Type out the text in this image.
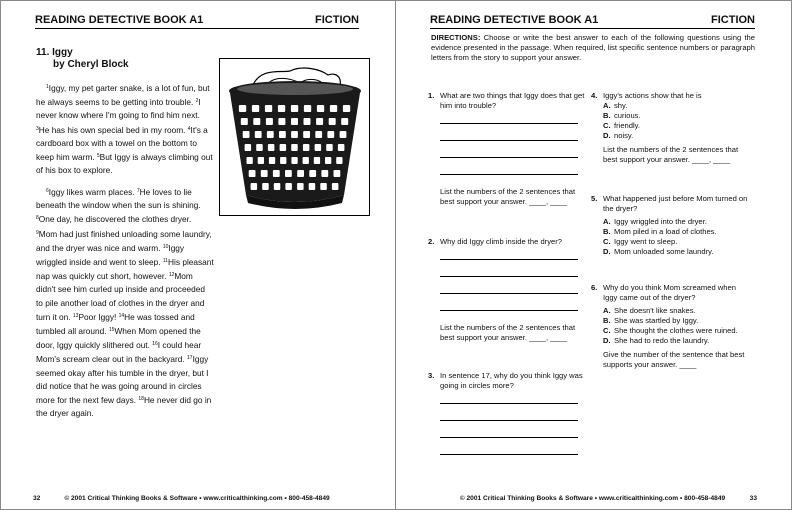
READING DETECTIVE BOOK A1	FICTION
11. Iggy
by Cheryl Block

$^1$Iggy, my pet garter snake, is a lot of fun, but he always seems to be getting into trouble. $^2$I never know where I'm going to find him next. $^3$He has his own special bed in my room. $^4$It's a cardboard box with a towel on the bottom to keep him warm. $^5$But Iggy is always climbing out of his box to explore.

$^6$Iggy likes warm places. $^7$He loves to lie beneath the window when the sun is shining. $^8$One day, he discovered the clothes dryer. $^9$Mom had just finished unloading some laundry, and the dryer was nice and warm. $^{10}$Iggy wriggled inside and went to sleep. $^{11}$His pleasant nap was quickly cut short, however. $^{12}$Mom didn't see him curled up inside and proceeded to pile another load of clothes in the dryer and turn it on. $^{13}$Poor Iggy! $^{14}$He was tossed and tumbled all around. $^{15}$When Mom opened the door, Iggy quickly slithered out. $^{16}$I could hear Mom's scream clear out in the backyard. $^{17}$Iggy seemed okay after his tumble in the dryer, but I did notice that he was going around in circles more for the next few days. $^{18}$He never did go in the dryer again.

32	© 2001 Critical Thinking Books & Software • www.criticalthinking.com • 800-458-4849
READING DETECTIVE BOOK A1	FICTION
DIRECTIONS: Choose or write the best answer to each of the following questions using the evidence presented in the passage. When required, list specific sentence numbers or paragraph letters from the story to support your answer.
1. What are two things that Iggy does that get him into trouble?
List the numbers of the 2 sentences that best support your answer. ____, ____
2. Why did Iggy climb inside the dryer?
List the numbers of the 2 sentences that best support your answer. ____, ____
3. In sentence 17, why do you think Iggy was going in circles more?
4. Iggy's actions show that he is
A. shy.
B. curious.
C. friendly.
D. noisy.
List the numbers of the 2 sentences that best support your answer. ____, ____
5. What happened just before Mom turned on the dryer?
A. Iggy wriggled into the dryer.
B. Mom piled in a load of clothes.
C. Iggy went to sleep.
D. Mom unloaded some laundry.
6. Why do you think Mom screamed when Iggy came out of the dryer?
A. She doesn't like snakes.
B. She was startled by Iggy.
C. She thought the clothes were ruined.
D. She had to redo the laundry.
Give the number of the sentence that best supports your answer. ____
© 2001 Critical Thinking Books & Software • www.criticalthinking.com • 800-458-4849	33
